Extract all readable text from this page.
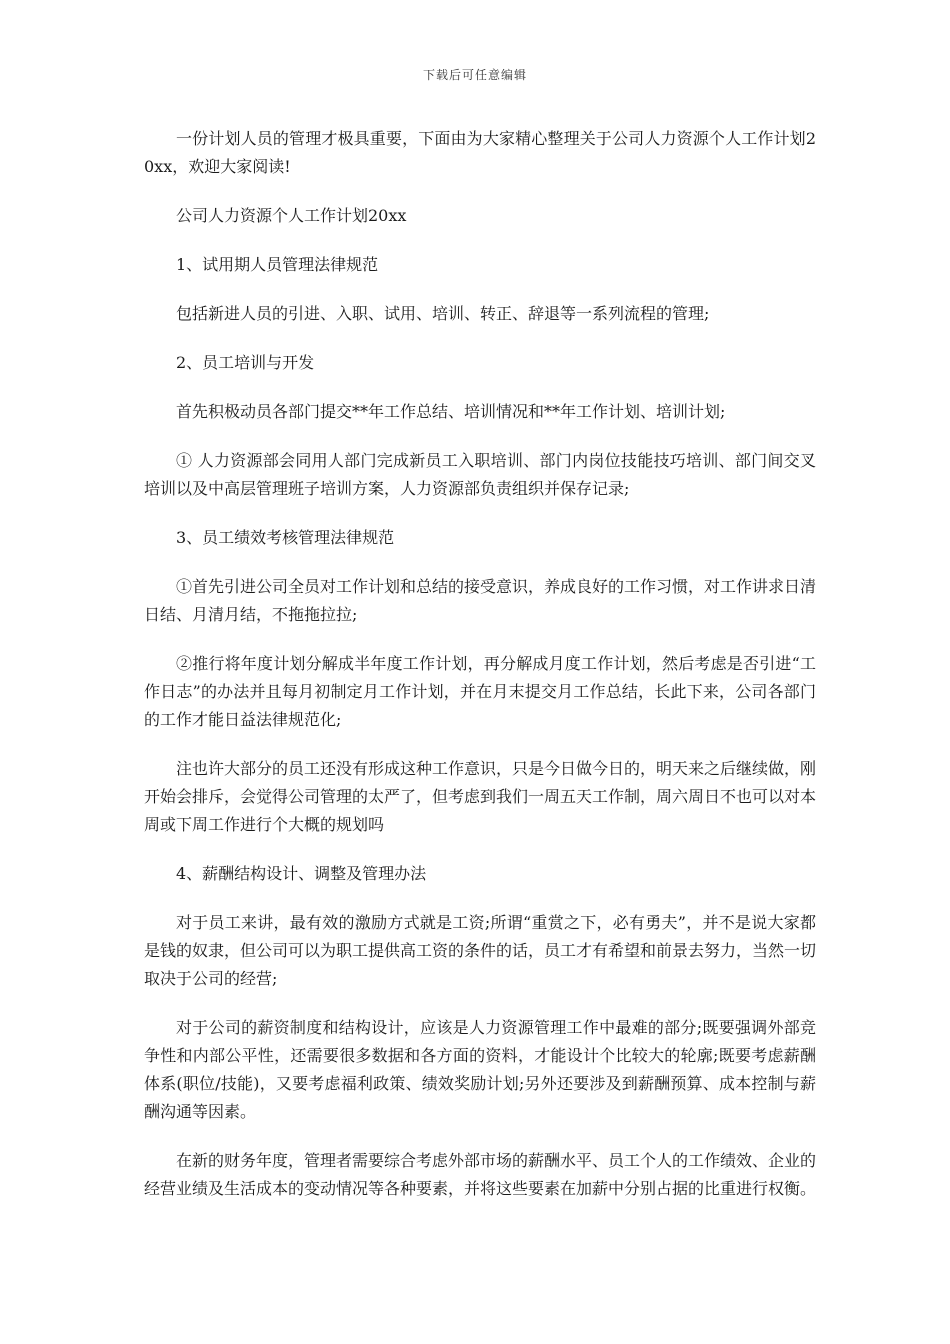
下载后可任意编辑

一份计划人员的管理才极具重要，下面由为大家精心整理关于公司人力资源个人工作计划20xx，欢迎大家阅读!

公司人力资源个人工作计划20xx

1、试用期人员管理法律规范

包括新进人员的引进、入职、试用、培训、转正、辞退等一系列流程的管理;

2、员工培训与开发

首先积极动员各部门提交**年工作总结、培训情况和**年工作计划、培训计划;

① 人力资源部会同用人部门完成新员工入职培训、部门内岗位技能技巧培训、部门间交叉培训以及中高层管理班子培训方案，人力资源部负责组织并保存记录;

3、员工绩效考核管理法律规范

①首先引进公司全员对工作计划和总结的接受意识，养成良好的工作习惯，对工作讲求日清日结、月清月结，不拖拖拉拉;

②推行将年度计划分解成半年度工作计划，再分解成月度工作计划，然后考虑是否引进“工作日志”的办法并且每月初制定月工作计划，并在月末提交月工作总结，长此下来，公司各部门的工作才能日益法律规范化;

注也许大部分的员工还没有形成这种工作意识，只是今日做今日的，明天来之后继续做，刚开始会排斥，会觉得公司管理的太严了，但考虑到我们一周五天工作制，周六周日不也可以对本周或下周工作进行个大概的规划吗

4、薪酬结构设计、调整及管理办法

对于员工来讲，最有效的激励方式就是工资;所谓“重赏之下，必有勇夫”，并不是说大家都是钱的奴隶，但公司可以为职工提供高工资的条件的话，员工才有希望和前景去努力，当然一切取决于公司的经营;

对于公司的薪资制度和结构设计，应该是人力资源管理工作中最难的部分;既要强调外部竞争性和内部公平性，还需要很多数据和各方面的资料，才能设计个比较大的轮廓;既要考虑薪酬体系(职位/技能)，又要考虑福利政策、绩效奖励计划;另外还要涉及到薪酬预算、成本控制与薪酬沟通等因素。

在新的财务年度，管理者需要综合考虑外部市场的薪酬水平、员工个人的工作绩效、企业的经营业绩及生活成本的变动情况等各种要素，并将这些要素在加薪中分别占据的比重进行权衡。
